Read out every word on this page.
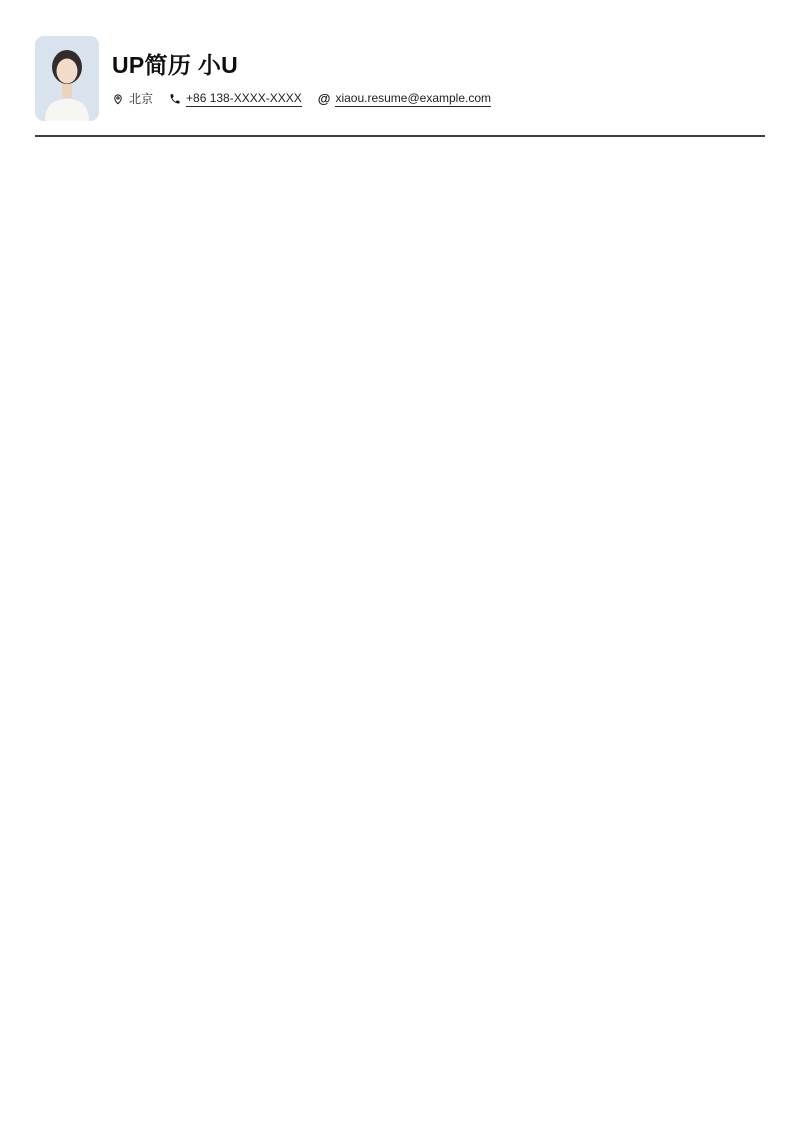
UP简历 小U
北京	+86 138-XXXX-XXXX @ xiaou.resume@example.com
